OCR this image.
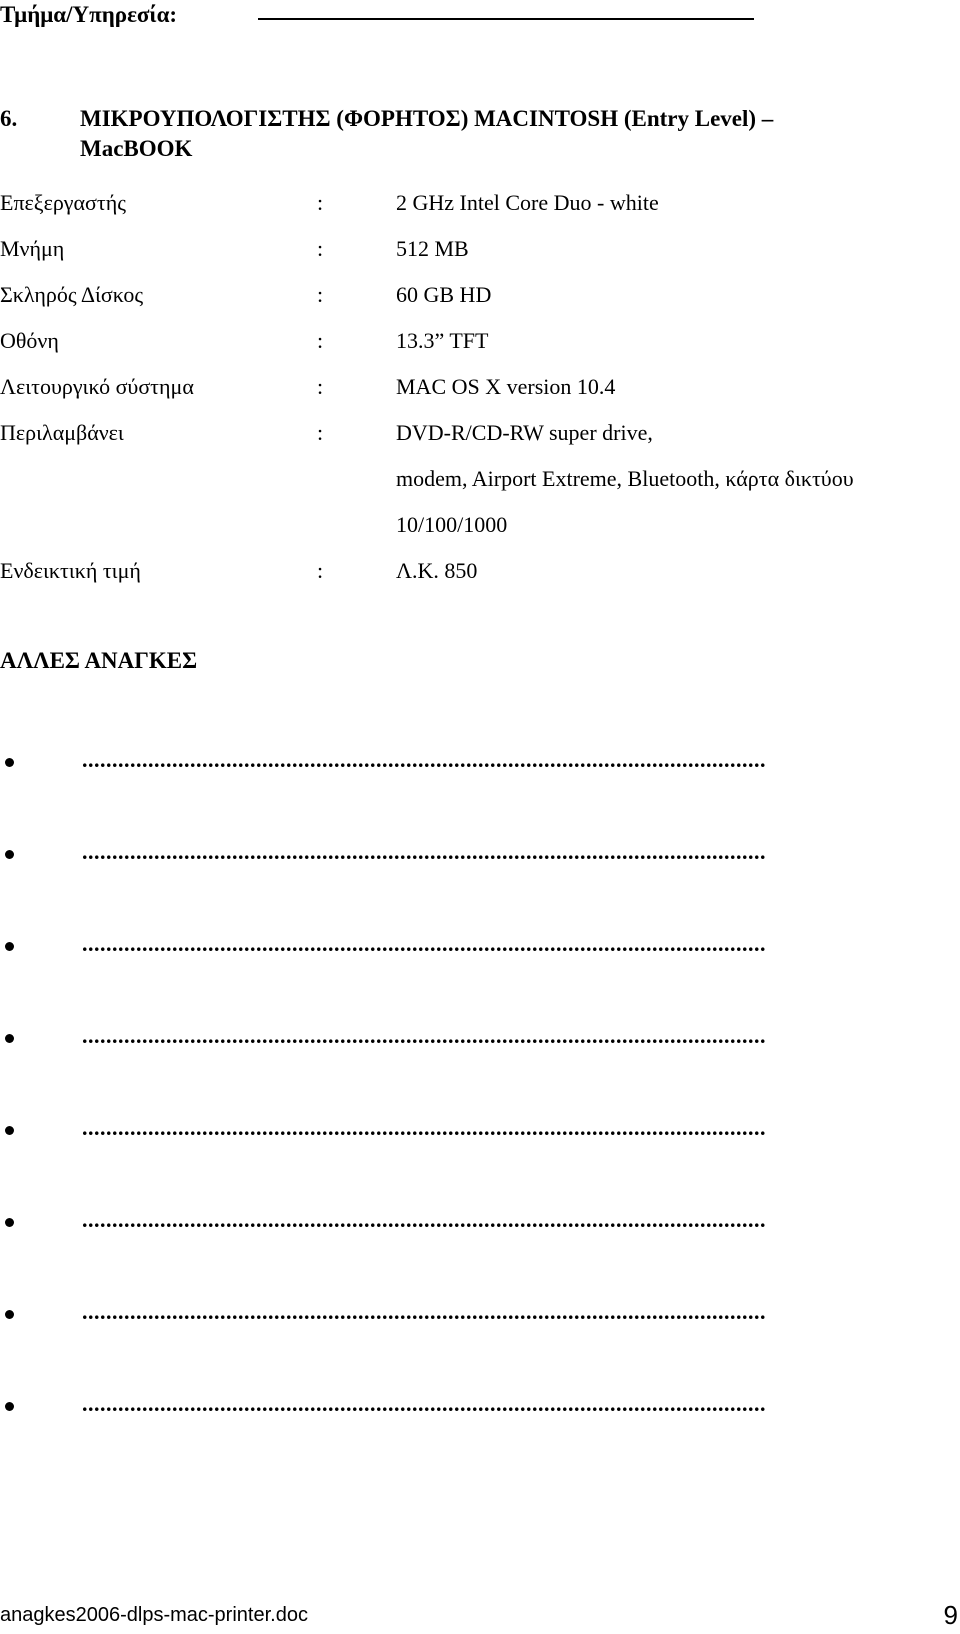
Τμήμα/Υπηρεσία:
6.	ΜΙΚΡΟΥΠΟΛΟΓΙΣΤΗΣ (ΦΟΡΗΤΟΣ) MACINTOSH (Entry Level) –
MacBOOK
Επεξεργαστής	:	2 GHz Intel Core Duo - white
Μνήμη	:	512 MB
Σκληρός Δίσκος	:	60 GB HD
Οθόνη	:	13.3” TFT
Λειτουργικό σύστημα	:	MAC OS X version 10.4
Περιλαμβάνει	:	DVD-R/CD-RW super drive,
modem, Airport Extreme, Bluetooth, κάρτα δικτύου
10/100/1000
Ενδεικτική τιμή	:	Λ.Κ. 850
ΑΛΛΕΣ ΑΝΑΓΚΕΣ
..................................................................................................................
..................................................................................................................
..................................................................................................................
..................................................................................................................
..................................................................................................................
..................................................................................................................
..................................................................................................................
..................................................................................................................
anagkes2006-dlps-mac-printer.doc	9
